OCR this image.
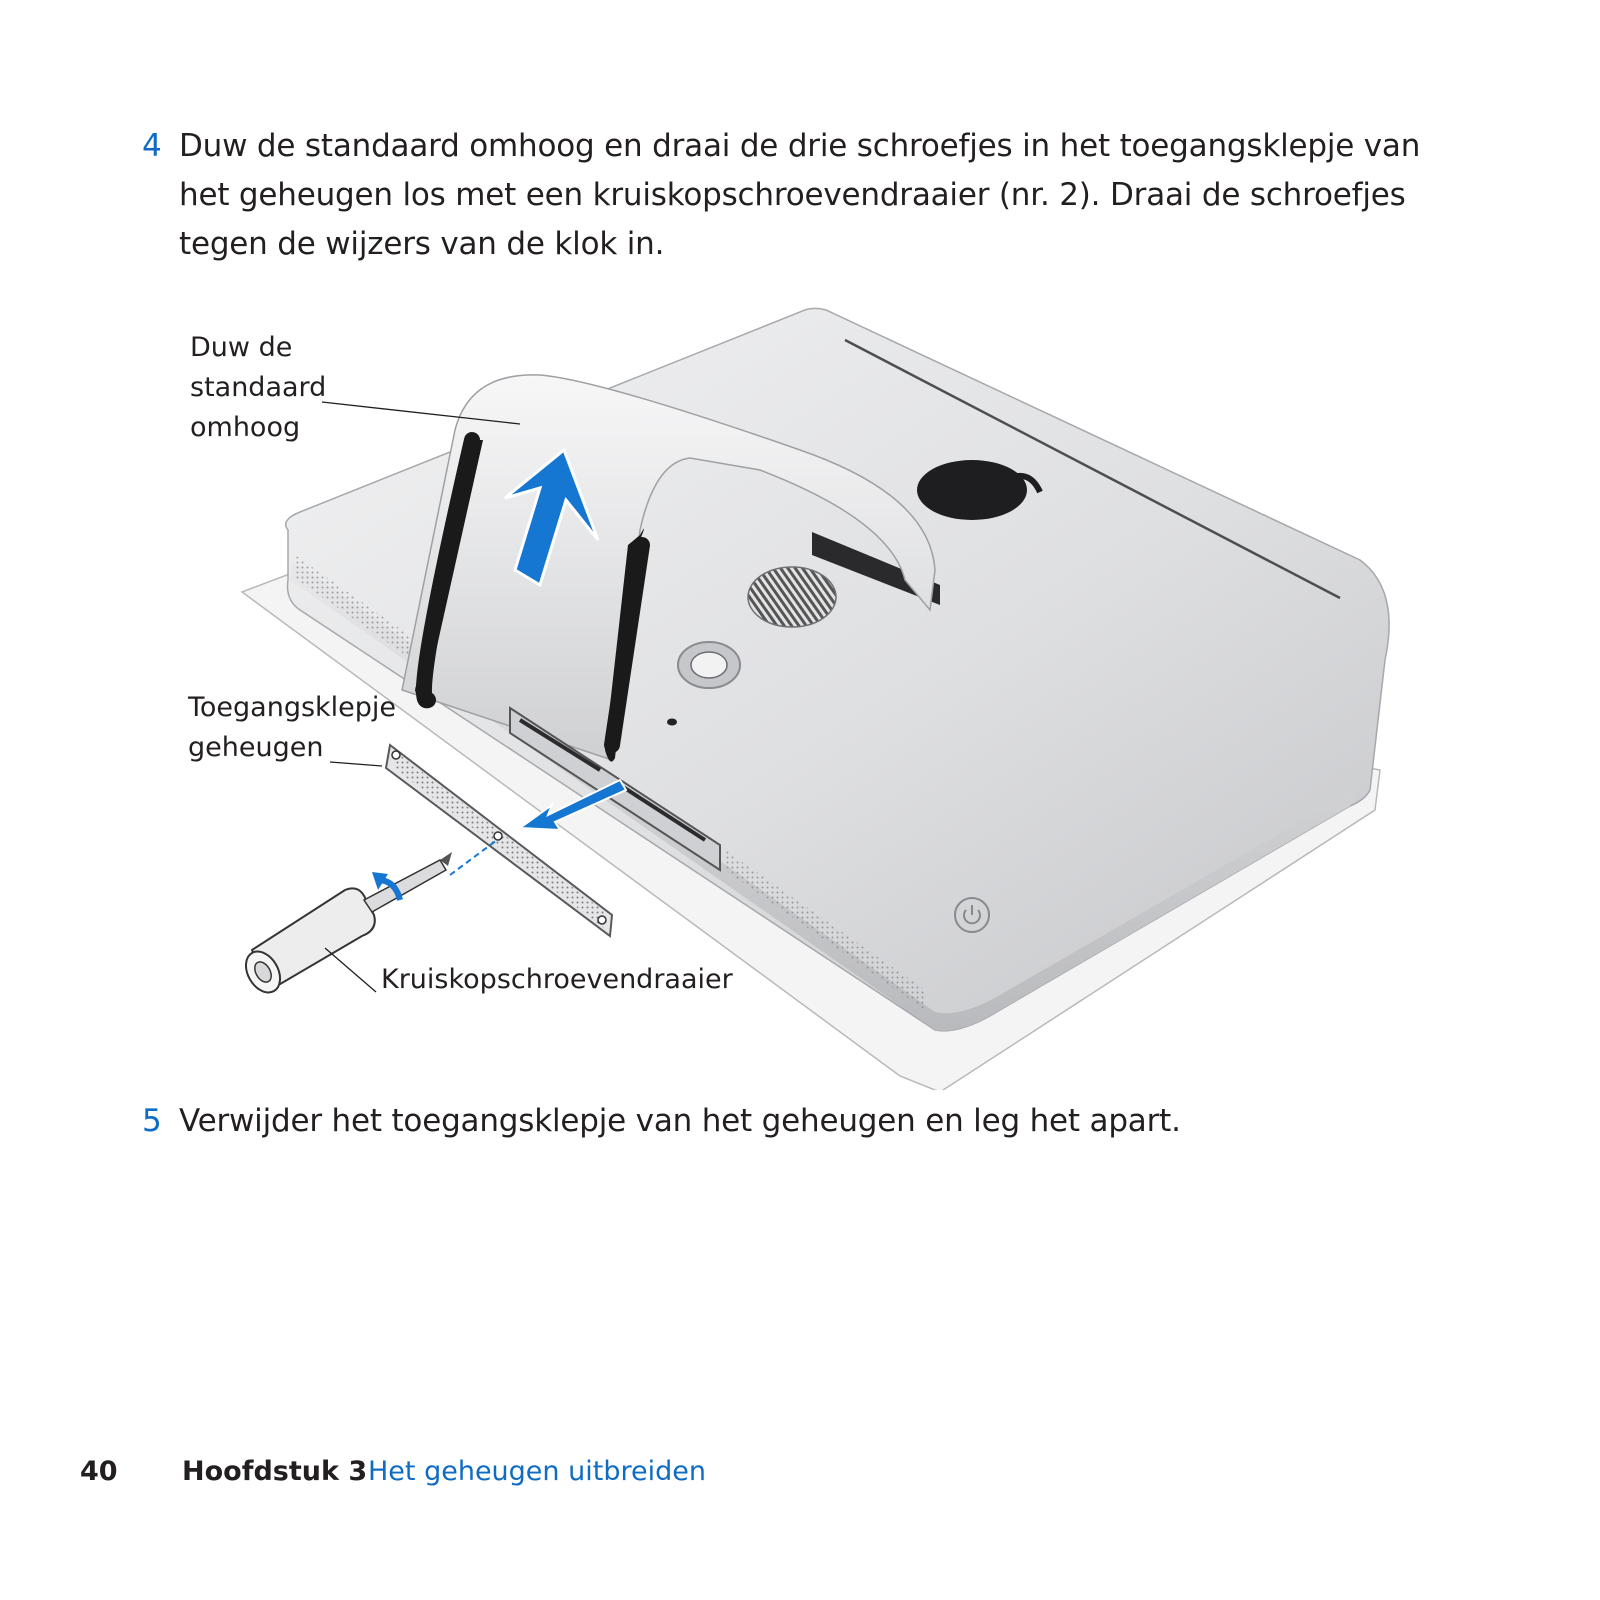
4 Duw de standaard omhoog en draai de drie schroefjes in het toegangsklepje van het geheugen los met een kruiskopschroevendraaier (nr. 2). Draai de schroefjes tegen de wijzers van de klok in.
Duw de
standaard
omhoog
Toegangsklepje
geheugen
Kruiskopschroevendraaier
5 Verwijder het toegangsklepje van het geheugen en leg het apart.
40 Hoofdstuk 3 Het geheugen uitbreiden
